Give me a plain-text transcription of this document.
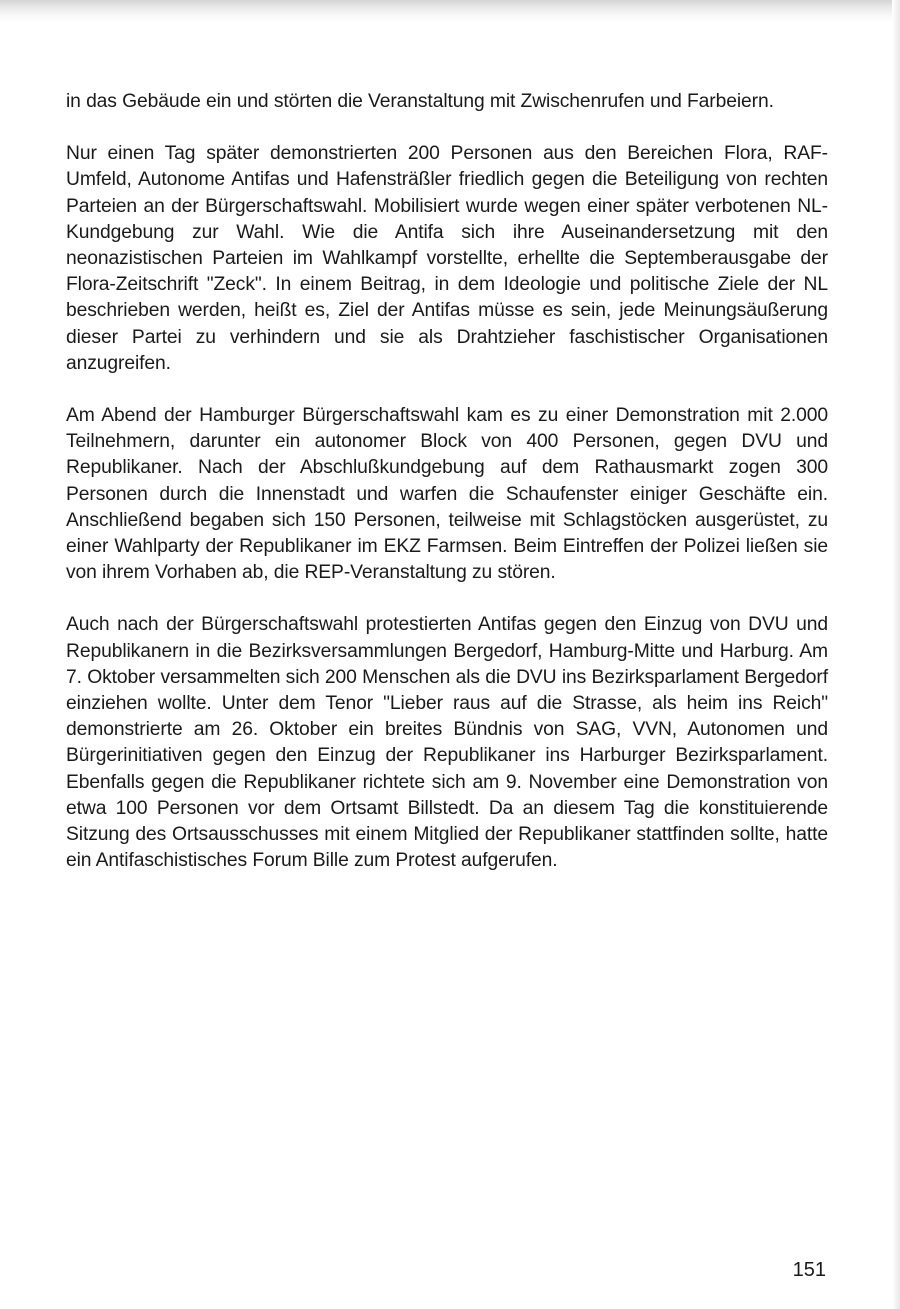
in das Gebäude ein und störten die Veranstaltung mit Zwischenrufen und Farbeiern.

Nur einen Tag später demonstrierten 200 Personen aus den Bereichen Flora, RAF-Umfeld, Autonome Antifas und Hafensträßler friedlich gegen die Beteiligung von rechten Parteien an der Bürgerschaftswahl. Mobilisiert wurde wegen einer später verbotenen NL-Kundgebung zur Wahl. Wie die Antifa sich ihre Auseinandersetzung mit den neonazistischen Parteien im Wahlkampf vorstellte, erhellte die Septemberausgabe der Flora-Zeitschrift "Zeck". In einem Beitrag, in dem Ideologie und politische Ziele der NL beschrieben werden, heißt es, Ziel der Antifas müsse es sein, jede Meinungsäußerung dieser Partei zu verhindern und sie als Drahtzieher faschistischer Organisationen anzugreifen.

Am Abend der Hamburger Bürgerschaftswahl kam es zu einer Demonstration mit 2.000 Teilnehmern, darunter ein autonomer Block von 400 Personen, gegen DVU und Republikaner. Nach der Abschlußkundgebung auf dem Rathausmarkt zogen 300 Personen durch die Innenstadt und warfen die Schaufenster einiger Geschäfte ein. Anschließend begaben sich 150 Personen, teilweise mit Schlagstöcken ausgerüstet, zu einer Wahlparty der Republikaner im EKZ Farmsen. Beim Eintreffen der Polizei ließen sie von ihrem Vorhaben ab, die REP-Veranstaltung zu stören.

Auch nach der Bürgerschaftswahl protestierten Antifas gegen den Einzug von DVU und Republikanern in die Bezirksversammlungen Bergedorf, Hamburg-Mitte und Harburg. Am 7. Oktober versammelten sich 200 Menschen als die DVU ins Bezirksparlament Bergedorf einziehen wollte. Unter dem Tenor "Lieber raus auf die Strasse, als heim ins Reich" demonstrierte am 26. Oktober ein breites Bündnis von SAG, VVN, Autonomen und Bürgerinitiativen gegen den Einzug der Republikaner ins Harburger Bezirksparlament. Ebenfalls gegen die Republikaner richtete sich am 9. November eine Demonstration von etwa 100 Personen vor dem Ortsamt Billstedt. Da an diesem Tag die konstituierende Sitzung des Ortsausschusses mit einem Mitglied der Republikaner stattfinden sollte, hatte ein Antifaschistisches Forum Bille zum Protest aufgerufen.

151
